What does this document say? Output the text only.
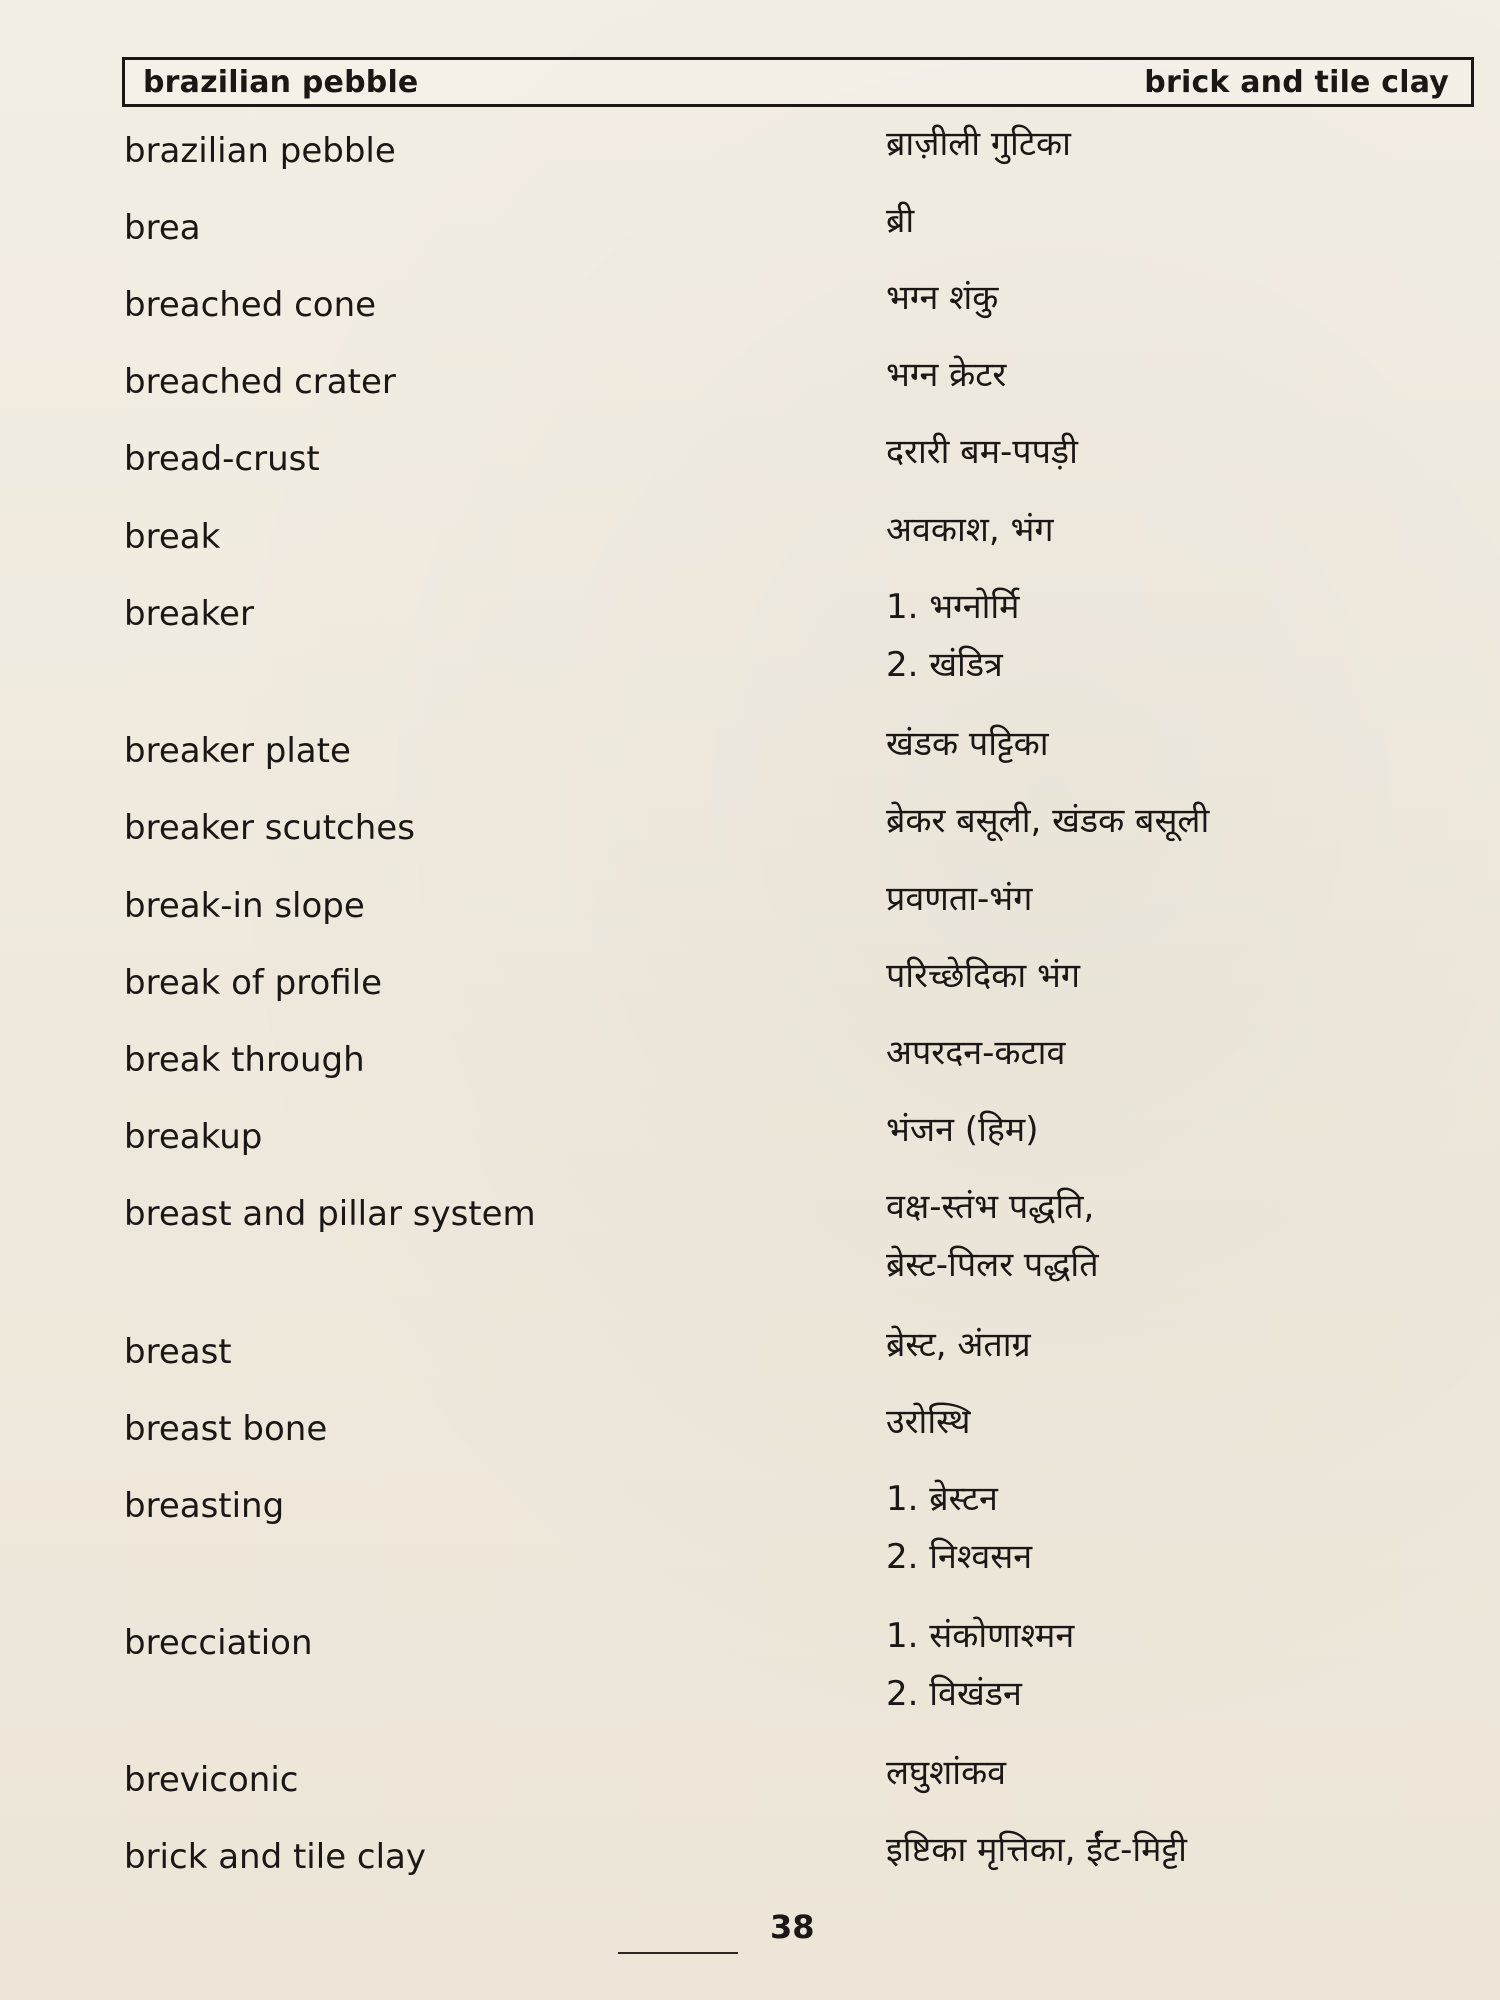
brazilian pebble	brick and tile clay
brazilian pebble	ब्राज़ीली गुटिका
brea	ब्री
breached cone	भग्न शंकु
breached crater	भग्न क्रेटर
bread-crust	दरारी बम-पपड़ी
break	अवकाश, भंग
breaker	1. भग्नोर्मि
2. खंडित्र
breaker plate	खंडक पट्टिका
breaker scutches	ब्रेकर बसूली, खंडक बसूली
break-in slope	प्रवणता-भंग
break of profile	परिच्छेदिका भंग
break through	अपरदन-कटाव
breakup	भंजन (हिम)
breast and pillar system	वक्ष-स्तंभ पद्धति,
ब्रेस्ट-पिलर पद्धति
breast	ब्रेस्ट, अंताग्र
breast bone	उरोस्थि
breasting	1. ब्रेस्टन
2. निश्वसन
brecciation	1. संकोणाश्मन
2. विखंडन
breviconic	लघुशांकव
brick and tile clay	इष्टिका मृत्तिका, ईंट-मिट्टी
38
